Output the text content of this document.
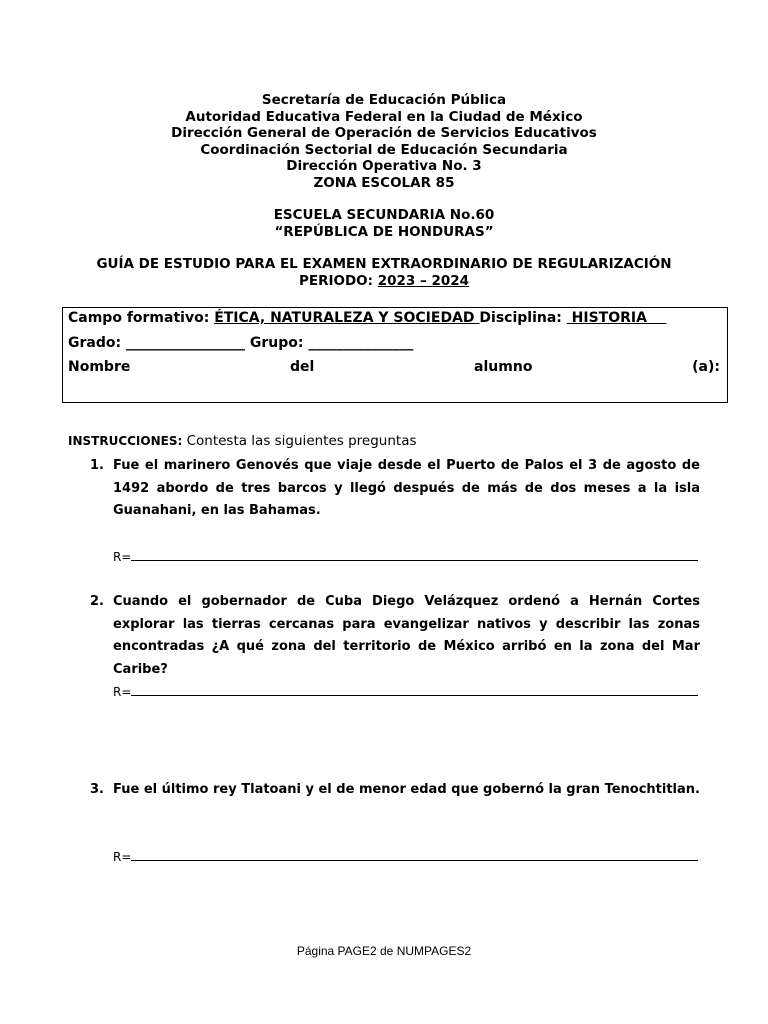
Secretaría de Educación Pública
Autoridad Educativa Federal en la Ciudad de México
Dirección General de Operación de Servicios Educativos
Coordinación Sectorial de Educación Secundaria
Dirección Operativa No. 3
ZONA ESCOLAR 85
ESCUELA SECUNDARIA No.60
“REPÚBLICA DE HONDURAS”
GUÍA DE ESTUDIO PARA EL EXAMEN EXTRAORDINARIO DE REGULARIZACIÓN
PERIODO: 2023 – 2024
Campo formativo: ÉTICA, NATURALEZA Y SOCIEDAD Disciplina:  HISTORIA
Grado: _________________ Grupo: _______________
Nombre	del	alumno	(a):
INSTRUCCIONES: Contesta las siguientes preguntas
1. Fue el marinero Genovés que viaje desde el Puerto de Palos el 3 de agosto de 1492 abordo de tres barcos y llegó después de más de dos meses a la isla Guanahani, en las Bahamas.
R=
2. Cuando el gobernador de Cuba Diego Velázquez ordenó a Hernán Cortes explorar las tierras cercanas para evangelizar nativos y describir las zonas encontradas ¿A qué zona del territorio de México arribó en la zona del Mar Caribe?
R=
3. Fue el último rey Tlatoani y el de menor edad que gobernó la gran Tenochtitlan.
R=
Página PAGE2 de NUMPAGES2
